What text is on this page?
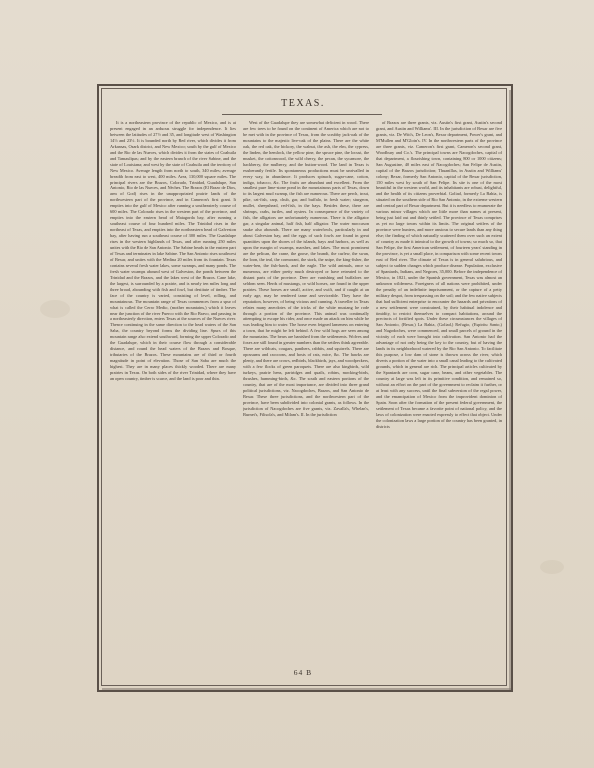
TEXAS.

It is a northeastern province of the republic of Mexico, and is at present engaged in an arduous struggle for independence. It lies between the latitudes of 27½ and 35, and longitude west of Washington 14⅓ and 23⅓. It is bounded north by Red river, which divides it from Arkansas, Ozark district, and New Mexico; south by the gulf of Mexico and the Rio de las Nueces, which divides it from the states of Coahuila and Tamaulipas; and by the eastern branch of the river Sabine, and the state of Louisiana; and west by the state of Coahuila and the territory of New Mexico. Average length from north to south, 340 miles; average breadth from east to west, 400 miles. Area, 130,000 square miles. The principal rivers are the Brazos, Colorado, Trinidad, Guadalupe, San Antonio, Rio de las Nueces, and Nèches. The Brazos (El Brazo de Dios, arm of God) rises in the unappropriated prairie lands of the northwestern part of the province, and in Cameron's first grant. It empties into the gulf of Mexico after running a southeasterly course of 600 miles. The Colorado rises in the western part of the province, and empties into the eastern head of Matagorda bay, after running a southeast course of four hundred miles. The Trinidad rises in the northeast of Texas, and empties into the northeastern head of Galveston bay, after having run a southeast course of 300 miles. The Guadalupe rises in the western highlands of Texas, and after running 250 miles unites with the Rio de San Antonio. The Sabine heads in the eastern part of Texas and terminates in lake Sabine. The San Antonio rises southwest of Bexar, and unites with the Medina 20 miles from its fountain. Texas contains several fresh water lakes, some swamps, and many ponds. The fresh water swamps abound west of Galveston, the ponds between the Trinidad and the Brazos, and the lakes west of the Brazos. Cane lake, the largest, is surrounded by a prairie, and is nearly ten miles long and three broad, abounding with fish and fowl, but destitute of timber. The face of the country is varied, consisting of level, rolling, and mountainous. The mountain range of Texas commences from a spur of what is called the Cerro Medio, (mother mountains,) which it leaves near the junction of the river Puerco with the Rio Bravo, and passing in a northeasterly direction, enters Texas at the sources of the Nueces river. Thence continuing in the same direction to the head waters of the San Saba, the country beyond forms the dividing line. Spurs of this mountain range also extend southward, forming the upper Colorado and the Guadalupe, which in their course flow through a considerable distance, and round the head waters of the Brazos and Bosque, tributaries of the Brazos. These mountains are of third or fourth magnitude in point of elevation. Those of San Saba are much the highest. They are in many places thickly wooded. There are many prairies in Texas. On both sides of the river Trinidad, where they have an open country, timber is scarce, and the land is poor and thin.

West of the Guadalupe they are somewhat deficient in wood. There are few trees to be found on the continent of America which are not to be met with in the province of Texas, from the scrubby jack-oak of the mountains to the majestic live-oak of the plains. There are the white oak, the red oak, the hickory, the walnut, the ash, the elm, the cypress, the linden, the hemlock, the yellow pine, the spruce pine, the locust, the musket, the cottonwood, the wild cherry, the pecan, the sycamore, the hackberry, the mulberry, and the button-wood. The land in Texas is exuberantly fertile. Its spontaneous productions must be unrivalled in every way, in abundance. It produces spinach, sugar-cane, cotton, indigo, tobacco, &c. The fruits are abundant and excellent. From the smallest pure lime-stone pond in the mountainous parts of Texas, down to its largest mud swamp, the fish are numerous. There are perch, trout, pike, cat-fish, carp, chub, gar, and buffalo, in fresh water; sturgeon, mullet, sheepshead, red-fish, in the bays. Besides these, there are shrimps, crabs, turtles, and oysters. In consequence of the variety of fish, the alligators are unfortunately numerous. There is the alligator gar, a singular animal, half fish, half alligator. The water moccason snake also abounds. There are many waterfowls, particularly in and about Galveston bay, and the eggs of such fowls are found in great quantities upon the shores of the islands, bays and harbors, as well as upon the margin of swamps, marshes, and lakes. The most prominent are the pelican, the crane, the goose, the brandt, the curlew, the swan, the loon, the teal, the cormorant, the stork, the snipe, the king-fisher, the water-hen, the fish-hawk, and the eagle. The wild animals, once so numerous, are either pretty much destroyed or have retreated to the distant parts of the province. Deer are vanishing and buffaloes are seldom seen. Herds of mustangs, or wild horses, are found in the upper prairies. These horses are small, active, and swift, and if caught at an early age, may be rendered tame and serviceable. They have the reputation, however, of being vicious and cunning. A traveller in Texas relates many anecdotes of the tricks of the white mustang he rode through a portion of the province. This animal was continually attempting to escape his rider, and once made an attack on him while he was leading him to water. The horse even feigned lameness on entering a town, that he might be left behind. A few wild hogs are seen among the mountains. The bears are banished from the settlements. Wolves and foxes are still found in greater numbers than the settlers think agreeable. There are wildcats, cougars, panthers, rabbits, and squirrels. There are opossums and raccoons, and hosts of rats, mice, &c. The hawks are plenty, and there are crows, redbirds, blackbirds, jays, and woodpeckers, with a few flocks of green paroquets. There are also kingbirds, wild turkeys, prairie hens, partridges and quails, robins, mocking-birds, thrushes, humming-birds, &c. The south and eastern portions of the country, that are of the most importance, are divided into three grand political jurisdictions, viz. Nacogdoches, Brazos, and San Antonio de Bexar. These three jurisdictions, and the northwestern part of the province, have been subdivided into colonial grants, as follows. In the jurisdiction of Nacogdoches are five grants, viz. Zavalla's, Whelan's, Burnet's, Filisola's, and Milam's. II. In the jurisdiction

of Brazos are three grants, viz. Austin's first grant, Austin's second grant, and Austin and Williams'. III. In the jurisdiction of Bexar are five grants, viz. De Witt's, De Leon's, Bexar department, Power's grant, and M'Mullen and M'Gloin's. IV. In the northwestern parts of the province are three grants, viz. Cameron's first grant, Cameron's second grant, Woodbury and Co.'s. The principal towns are Nacogdoches, capital of that department, a flourishing town, containing 800 or 1000 citizens; San Augustine, 40 miles east of Nacogdoches; San Felipe de Austin, capital of the Brazos jurisdiction; Thuanillas, in Austin and Williams' colony; Bexar, formerly San Antonio, capital of the Bexar jurisdiction, 150 miles west by south of San Felipe. Its site is one of the most beautiful in the western world, and its inhabitants are robust, delightful, and the health of its citizens proverbial. Goliad, formerly La Bahia, is situated on the southern side of Rio San Antonio, in the extreme western and central part of Bexar department. But it is needless to enumerate the various minor villages which are little more than names at present, being just laid out and thinly settled. The province of Texas comprises as yet no large towns within its limits. The original settlers of the province were hunters, and more anxious to secure lands than any thing else; the finding of which naturally scattered them over such an extent of country as made it inimical to the growth of towns; so much so, that San Felipe, the first American settlement, of fourteen years' standing in the province, is yet a small place, in comparison with some recent towns east of Red river. The climate of Texas is in general salubrious, and subject to sudden changes which produce disease. Population, exclusive of Spaniards, Indians, and Negroes, 35,000. Before the independence of Mexico, in 1821, under the Spanish government, Texas was almost an unknown wilderness. Foreigners of all nations were prohibited, under the penalty of an indefinite imprisonment, or the capture of a petty military despot, from trespassing on the soil; and the few native subjects that had sufficient enterprise to encounter the hazards and privations of a new settlement were constrained, by their habitual indolence and timidity, to restrict themselves to compact habitations, around the precincts of fortified spots. Under these circumstances the villages of San Antonio, (Bexar,) La Bahia, (Goliad,) Refugio, (Espiritu Santo,) and Nagodoches, were commenced, and small parcels of ground in the vicinity of each were brought into cultivation. San Antonio had the advantage of not only being the key to the country, but of having the lands in its neighborhood watered by the Rio San Antonio. To facilitate this purpose, a low dam of stone is thrown across the river, which diverts a portion of the water into a small canal leading to the cultivated grounds, which in general are rich. The principal articles cultivated by the Spaniards are corn, sugar cane, beans, and other vegetables. The country at large was left in its primitive condition, and remained so, without an effort on the part of the government to reclaim it further, or at least with any success, until the final subversion of the regal power, and the emancipation of Mexico from the improvident dominion of Spain. Soon after the formation of the present federal government, the settlement of Texas became a favorite point of national policy, and the laws of colonization were enacted expressly to effect that object. Under the colonization laws a large portion of the country has been granted, in districts

64 B
